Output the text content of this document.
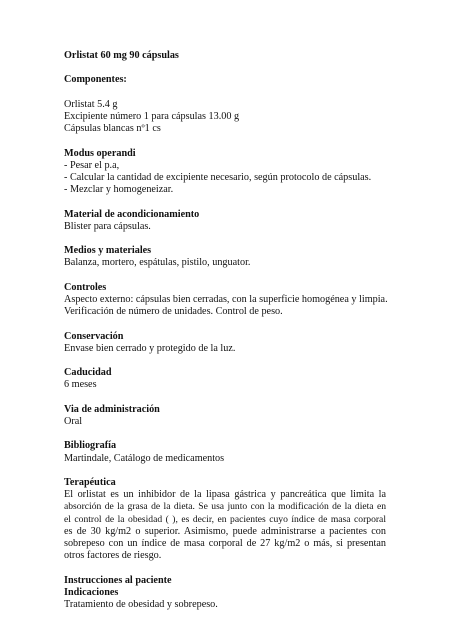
Orlistat 60 mg 90 cápsulas

Componentes:

Orlistat 5.4 g

Excipiente número 1 para cápsulas 13.00 g

Cápsulas blancas nº1 cs

Modus operandi

- Pesar el p.a,

- Calcular la cantidad de excipiente necesario, según protocolo de cápsulas.

- Mezclar y homogeneizar.

Material de acondicionamiento

Blister para cápsulas.

Medios y materiales

Balanza, mortero, espátulas, pistilo, unguator.

Controles

Aspecto externo: cápsulas bien cerradas, con la superficie homogénea y limpia.

Verificación de número de unidades. Control de peso.

Conservación

Envase bien cerrado y protegido de la luz.

Caducidad

6 meses

Via de administración

Oral

Bibliografía

Martindale, Catálogo de medicamentos

Terapéutica

El orlistat es un inhibidor de la lipasa gástrica y pancreática que limita la

absorción de la grasa de la dieta. Se usa junto con la modificación de la dieta en

el control de la obesidad ( ), es decir, en pacientes cuyo índice de masa corporal

es de 30 kg/m2 o superior. Asimismo, puede administrarse a pacientes con

sobrepeso con un índice de masa corporal de 27 kg/m2 o más, si presentan

otros factores de riesgo.

Instrucciones al paciente

Indicaciones

Tratamiento de obesidad y sobrepeso.
